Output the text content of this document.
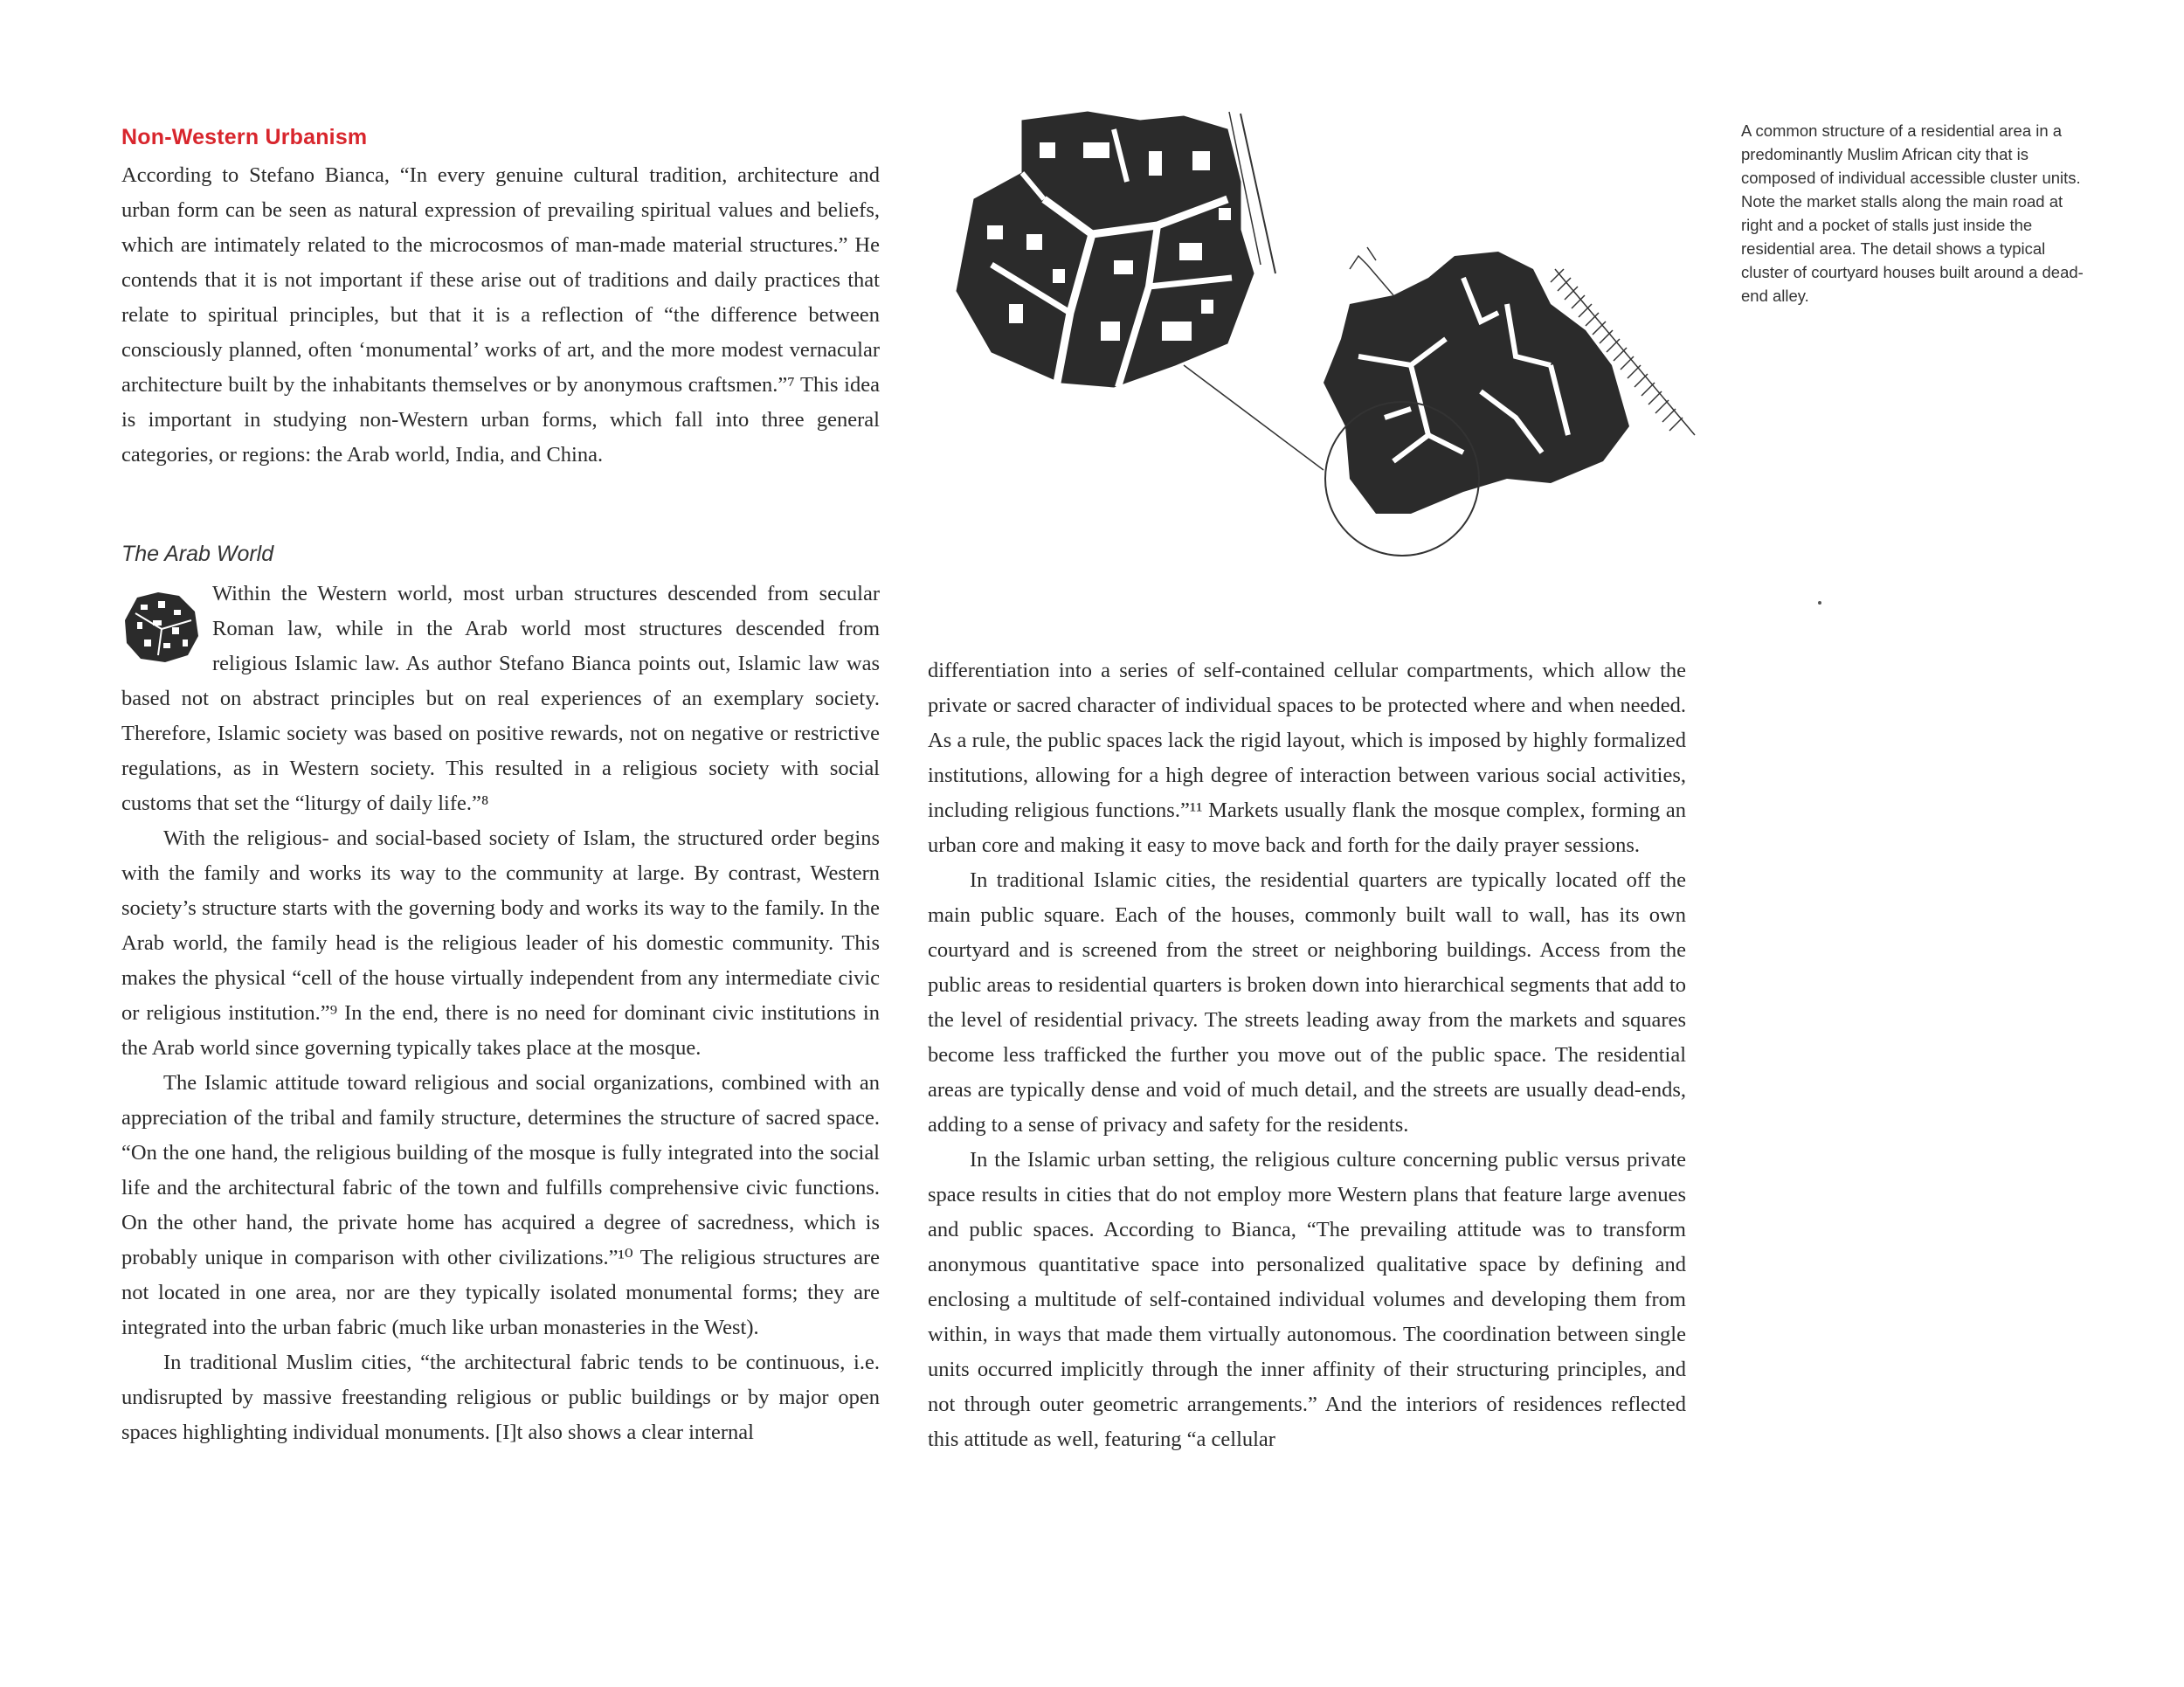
Non-Western Urbanism

According to Stefano Bianca, “In every genuine cultural tradition, architecture and urban form can be seen as natural expression of prevailing spiritual values and beliefs, which are intimately related to the microcosmos of man-made material structures.” He contends that it is not important if these arise out of traditions and daily practices that relate to spiritual principles, but that it is a reflection of “the difference between consciously planned, often ‘monumental’ works of art, and the more modest vernacular architecture built by the inhabitants themselves or by anonymous craftsmen.”⁷ This idea is important in studying non-Western urban forms, which fall into three general categories, or regions: the Arab world, India, and China.

The Arab World

Within the Western world, most urban structures descended from secular Roman law, while in the Arab world most structures descended from religious Islamic law. As author Stefano Bianca points out, Islamic law was based not on abstract principles but on real experiences of an exemplary society. Therefore, Islamic society was based on positive rewards, not on negative or restrictive regulations, as in Western society. This resulted in a religious society with social customs that set the “liturgy of daily life.”⁸

With the religious- and social-based society of Islam, the structured order begins with the family and works its way to the community at large. By contrast, Western society’s structure starts with the governing body and works its way to the family. In the Arab world, the family head is the religious leader of his domestic community. This makes the physical “cell of the house virtually independent from any intermediate civic or religious institution.”⁹ In the end, there is no need for dominant civic institutions in the Arab world since governing typically takes place at the mosque.

The Islamic attitude toward religious and social organizations, combined with an appreciation of the tribal and family structure, determines the structure of sacred space. “On the one hand, the religious building of the mosque is fully integrated into the social life and the architectural fabric of the town and fulfills comprehensive civic functions. On the other hand, the private home has acquired a degree of sacredness, which is probably unique in comparison with other civilizations.”¹⁰ The religious structures are not located in one area, nor are they typically isolated monumental forms; they are integrated into the urban fabric (much like urban monasteries in the West).

In traditional Muslim cities, “the architectural fabric tends to be continuous, i.e. undisrupted by massive freestanding religious or public buildings or by major open spaces highlighting individual monuments. [I]t also shows a clear internal

differentiation into a series of self-contained cellular compartments, which allow the private or sacred character of individual spaces to be protected where and when needed. As a rule, the public spaces lack the rigid layout, which is imposed by highly formalized institutions, allowing for a high degree of interaction between various social activities, including religious functions.”¹¹ Markets usually flank the mosque complex, forming an urban core and making it easy to move back and forth for the daily prayer sessions.

In traditional Islamic cities, the residential quarters are typically located off the main public square. Each of the houses, commonly built wall to wall, has its own courtyard and is screened from the street or neighboring buildings. Access from the public areas to residential quarters is broken down into hierarchical segments that add to the level of residential privacy. The streets leading away from the markets and squares become less trafficked the further you move out of the public space. The residential areas are typically dense and void of much detail, and the streets are usually dead-ends, adding to a sense of privacy and safety for the residents.

In the Islamic urban setting, the religious culture concerning public versus private space results in cities that do not employ more Western plans that feature large avenues and public spaces. According to Bianca, “The prevailing attitude was to transform anonymous quantitative space into personalized qualitative space by defining and enclosing a multitude of self-contained individual volumes and developing them from within, in ways that made them virtually autonomous. The coordination between single units occurred implicitly through the inner affinity of their structuring principles, and not through outer geometric arrangements.” And the interiors of residences reflected this attitude as well, featuring “a cellular

A common structure of a residential area in a predominantly Muslim African city that is composed of individual accessible cluster units. Note the market stalls along the main road at right and a pocket of stalls just inside the residential area. The detail shows a typical cluster of courtyard houses built around a dead-end alley.
